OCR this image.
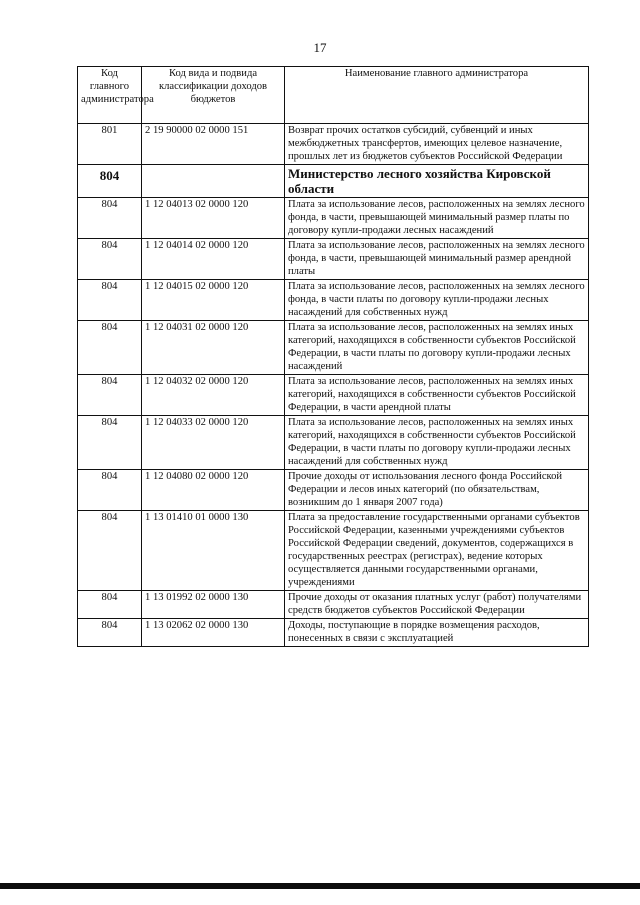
17
Код главного администратора	Код вида и подвида классификации доходов бюджетов	Наименование главного администратора
801	2 19 90000 02 0000 151	Возврат прочих остатков субсидий, субвенций и иных межбюджетных трансфертов, имеющих целевое назначение, прошлых лет из бюджетов субъектов Российской Федерации
804		Министерство лесного хозяйства Кировской области
804	1 12 04013 02 0000 120	Плата за использование лесов, расположенных на землях лесного фонда, в части, превышающей минимальный размер платы по договору купли-продажи лесных насаждений
804	1 12 04014 02 0000 120	Плата за использование лесов, расположенных на землях лесного фонда, в части, превышающей минимальный размер арендной платы
804	1 12 04015 02 0000 120	Плата за использование лесов, расположенных на землях лесного фонда, в части платы по договору купли-продажи лесных насаждений для собственных нужд
804	1 12 04031 02 0000 120	Плата за использование лесов, расположенных на землях иных категорий, находящихся в собственности субъектов Российской Федерации, в части платы по договору купли-продажи лесных насаждений
804	1 12 04032 02 0000 120	Плата за использование лесов, расположенных на землях иных категорий, находящихся в собственности субъектов Российской Федерации, в части арендной платы
804	1 12 04033 02 0000 120	Плата за использование лесов, расположенных на землях иных категорий, находящихся в собственности субъектов Российской Федерации, в части платы по договору купли-продажи лесных насаждений для собственных нужд
804	1 12 04080 02 0000 120	Прочие доходы от использования лесного фонда Российской Федерации и лесов иных категорий (по обязательствам, возникшим до 1 января 2007 года)
804	1 13 01410 01 0000 130	Плата за предоставление государственными органами субъектов Российской Федерации, казенными учреждениями субъектов Российской Федерации сведений, документов, содержащихся в государственных реестрах (регистрах), ведение которых осуществляется данными государственными органами, учреждениями
804	1 13 01992 02 0000 130	Прочие доходы от оказания платных услуг (работ) получателями средств бюджетов субъектов Российской Федерации
804	1 13 02062 02 0000 130	Доходы, поступающие в порядке возмещения расходов, понесенных в связи с эксплуатацией
